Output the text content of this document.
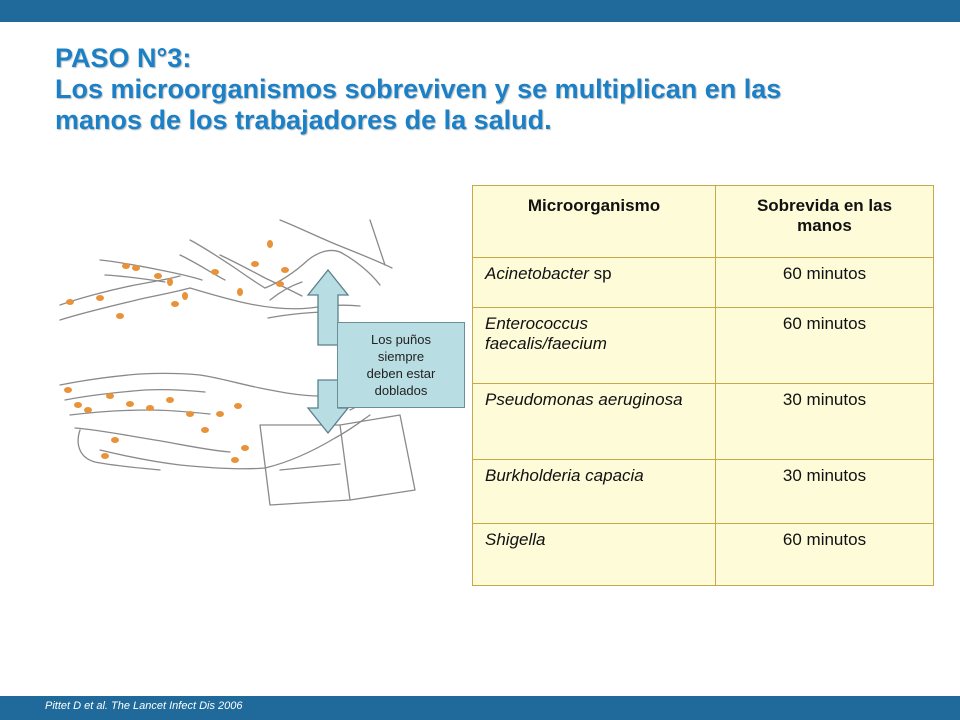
PASO N°3:
Los microorganismos sobreviven y se multiplican en las
manos de los trabajadores de la salud.
Los puños
siempre
deben estar
doblados
Microorganismo	Sobrevida en las manos
Acinetobacter sp	60 minutos
Enterococcus faecalis/faecium	60 minutos
Pseudomonas aeruginosa	30 minutos
Burkholderia capacia	30 minutos
Shigella	60 minutos
Pittet D et al. The Lancet Infect Dis 2006
